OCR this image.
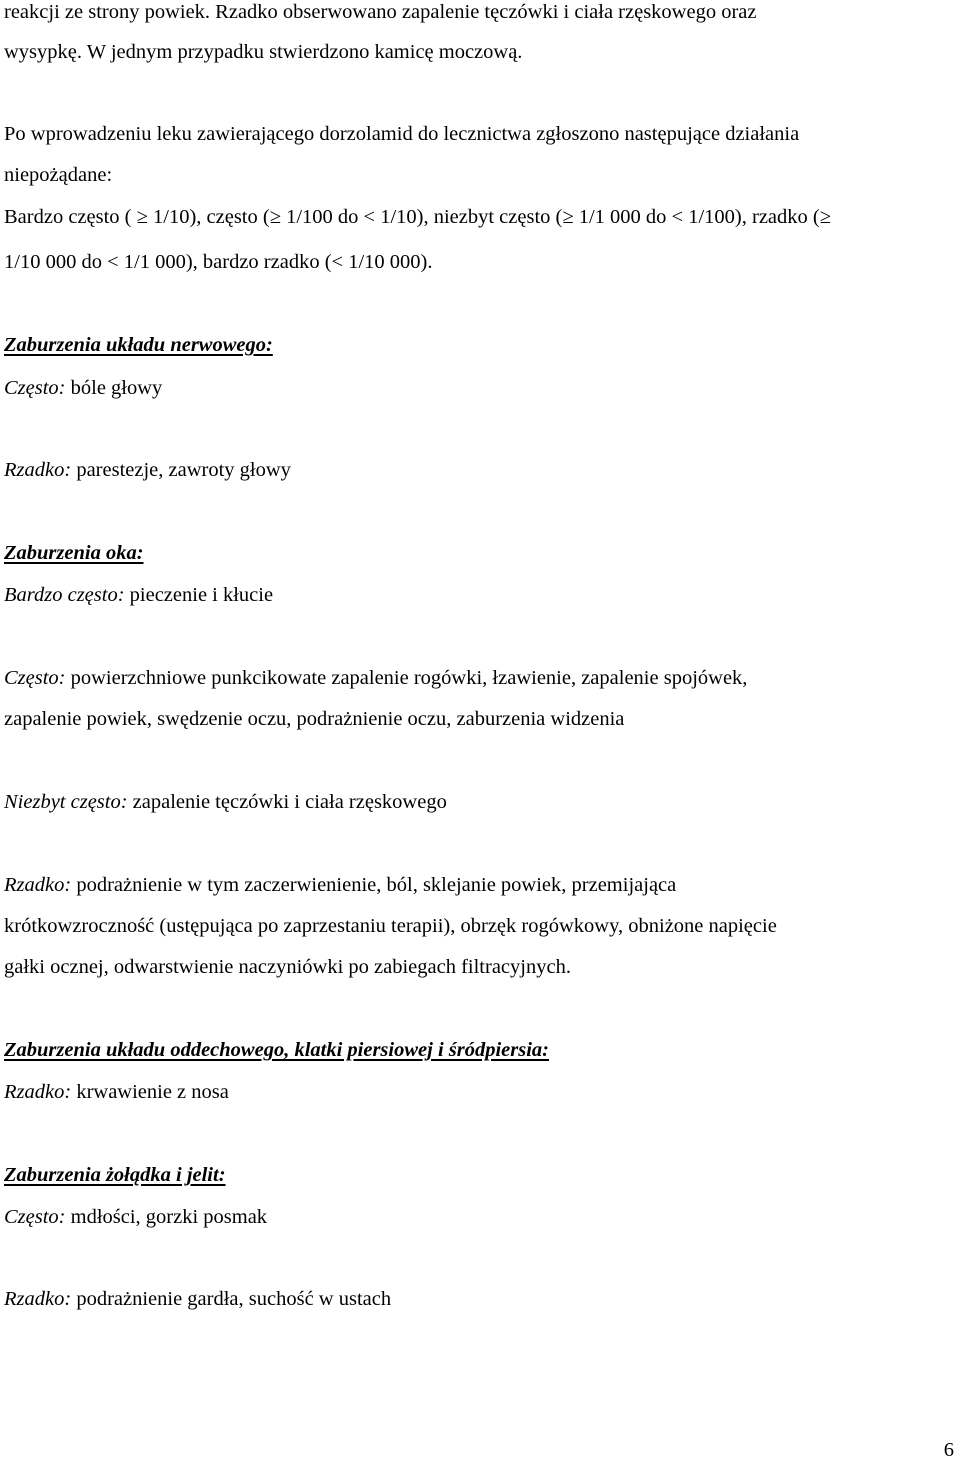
reakcji ze strony powiek. Rzadko obserwowano zapalenie tęczówki i ciała rzęskowego oraz
wysypkę. W jednym przypadku stwierdzono kamicę moczową.
Po wprowadzeniu leku zawierającego dorzolamid do lecznictwa zgłoszono następujące działania
niepożądane:
Bardzo często ( ≥ 1/10), często (≥ 1/100 do < 1/10), niezbyt często (≥ 1/1 000 do < 1/100), rzadko (≥
1/10 000 do < 1/1 000), bardzo rzadko (< 1/10 000).
Zaburzenia układu nerwowego:
Często: bóle głowy
Rzadko: parestezje, zawroty głowy
Zaburzenia oka:
Bardzo często: pieczenie i kłucie
Często: powierzchniowe punkcikowate zapalenie rogówki, łzawienie, zapalenie spojówek,
zapalenie powiek, swędzenie oczu, podrażnienie oczu, zaburzenia widzenia
Niezbyt często: zapalenie tęczówki i ciała rzęskowego
Rzadko: podrażnienie w tym zaczerwienienie, ból, sklejanie powiek, przemijająca
krótkowzroczność (ustępująca po zaprzestaniu terapii), obrzęk rogówkowy, obniżone napięcie
gałki ocznej, odwarstwienie naczyniówki po zabiegach filtracyjnych.
Zaburzenia układu oddechowego, klatki piersiowej i śródpiersia:
Rzadko: krwawienie z nosa
Zaburzenia żołądka i jelit:
Często: mdłości, gorzki posmak
Rzadko: podrażnienie gardła, suchość w ustach
6
